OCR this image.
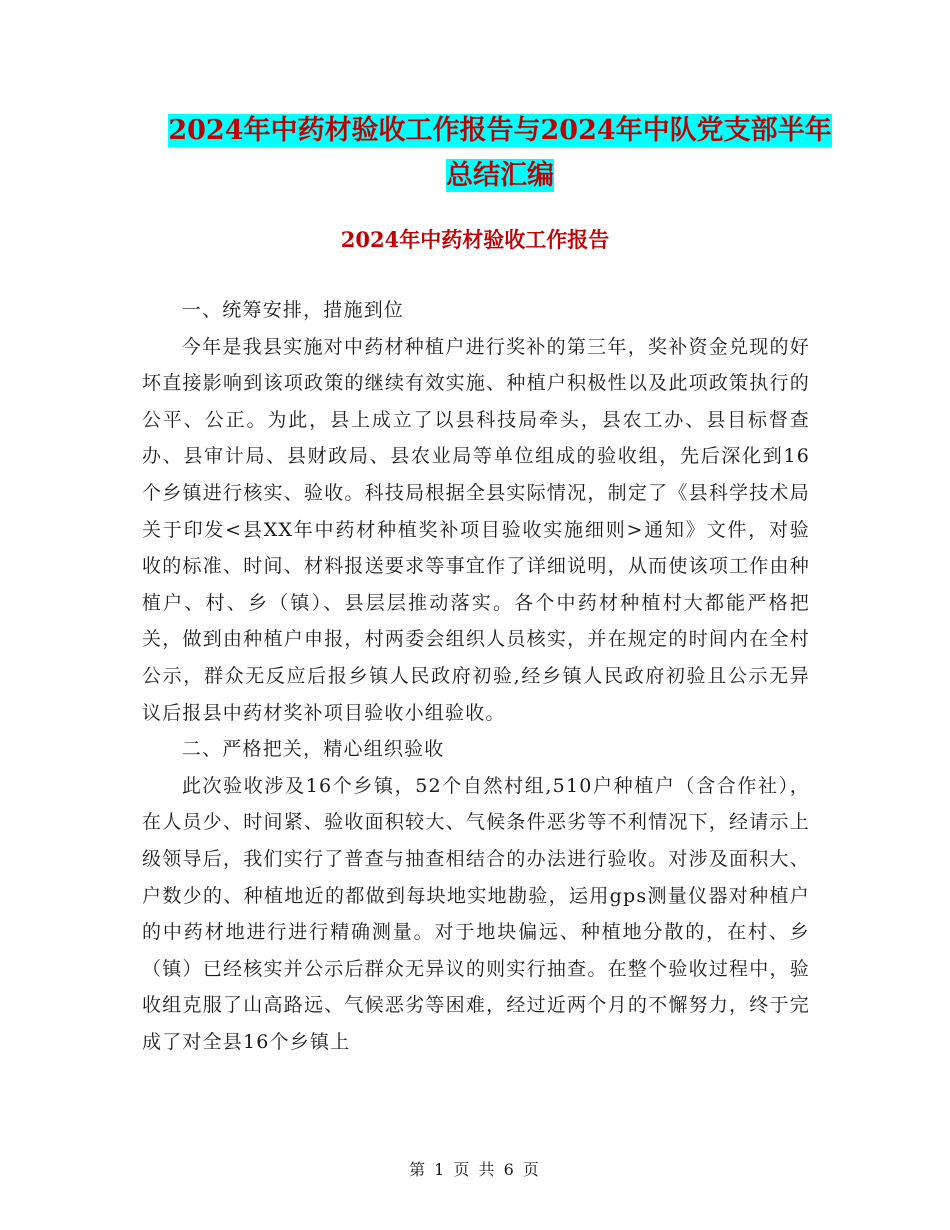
2024年中药材验收工作报告与2024年中队党支部半年
总结汇编
2024年中药材验收工作报告

一、统筹安排，措施到位

今年是我县实施对中药材种植户进行奖补的第三年，奖补资金兑现的好坏直接影响到该项政策的继续有效实施、种植户积极性以及此项政策执行的公平、公正。为此，县上成立了以县科技局牵头，县农工办、县目标督查办、县审计局、县财政局、县农业局等单位组成的验收组，先后深化到16个乡镇进行核实、验收。科技局根据全县实际情况，制定了《县科学技术局关于印发<县XX年中药材种植奖补项目验收实施细则>通知》文件，对验收的标准、时间、材料报送要求等事宜作了详细说明，从而使该项工作由种植户、村、乡（镇）、县层层推动落实。各个中药材种植村大都能严格把关，做到由种植户申报，村两委会组织人员核实，并在规定的时间内在全村公示，群众无反应后报乡镇人民政府初验,经乡镇人民政府初验且公示无异议后报县中药材奖补项目验收小组验收。

二、严格把关，精心组织验收

此次验收涉及16个乡镇，52个自然村组,510户种植户（含合作社），在人员少、时间紧、验收面积较大、气候条件恶劣等不利情况下，经请示上级领导后，我们实行了普查与抽查相结合的办法进行验收。对涉及面积大、户数少的、种植地近的都做到每块地实地勘验，运用gps测量仪器对种植户的中药材地进行进行精确测量。对于地块偏远、种植地分散的，在村、乡（镇）已经核实并公示后群众无异议的则实行抽查。在整个验收过程中，验收组克服了山高路远、气候恶劣等困难，经过近两个月的不懈努力，终于完成了对全县16个乡镇上

第 1 页 共 6 页
